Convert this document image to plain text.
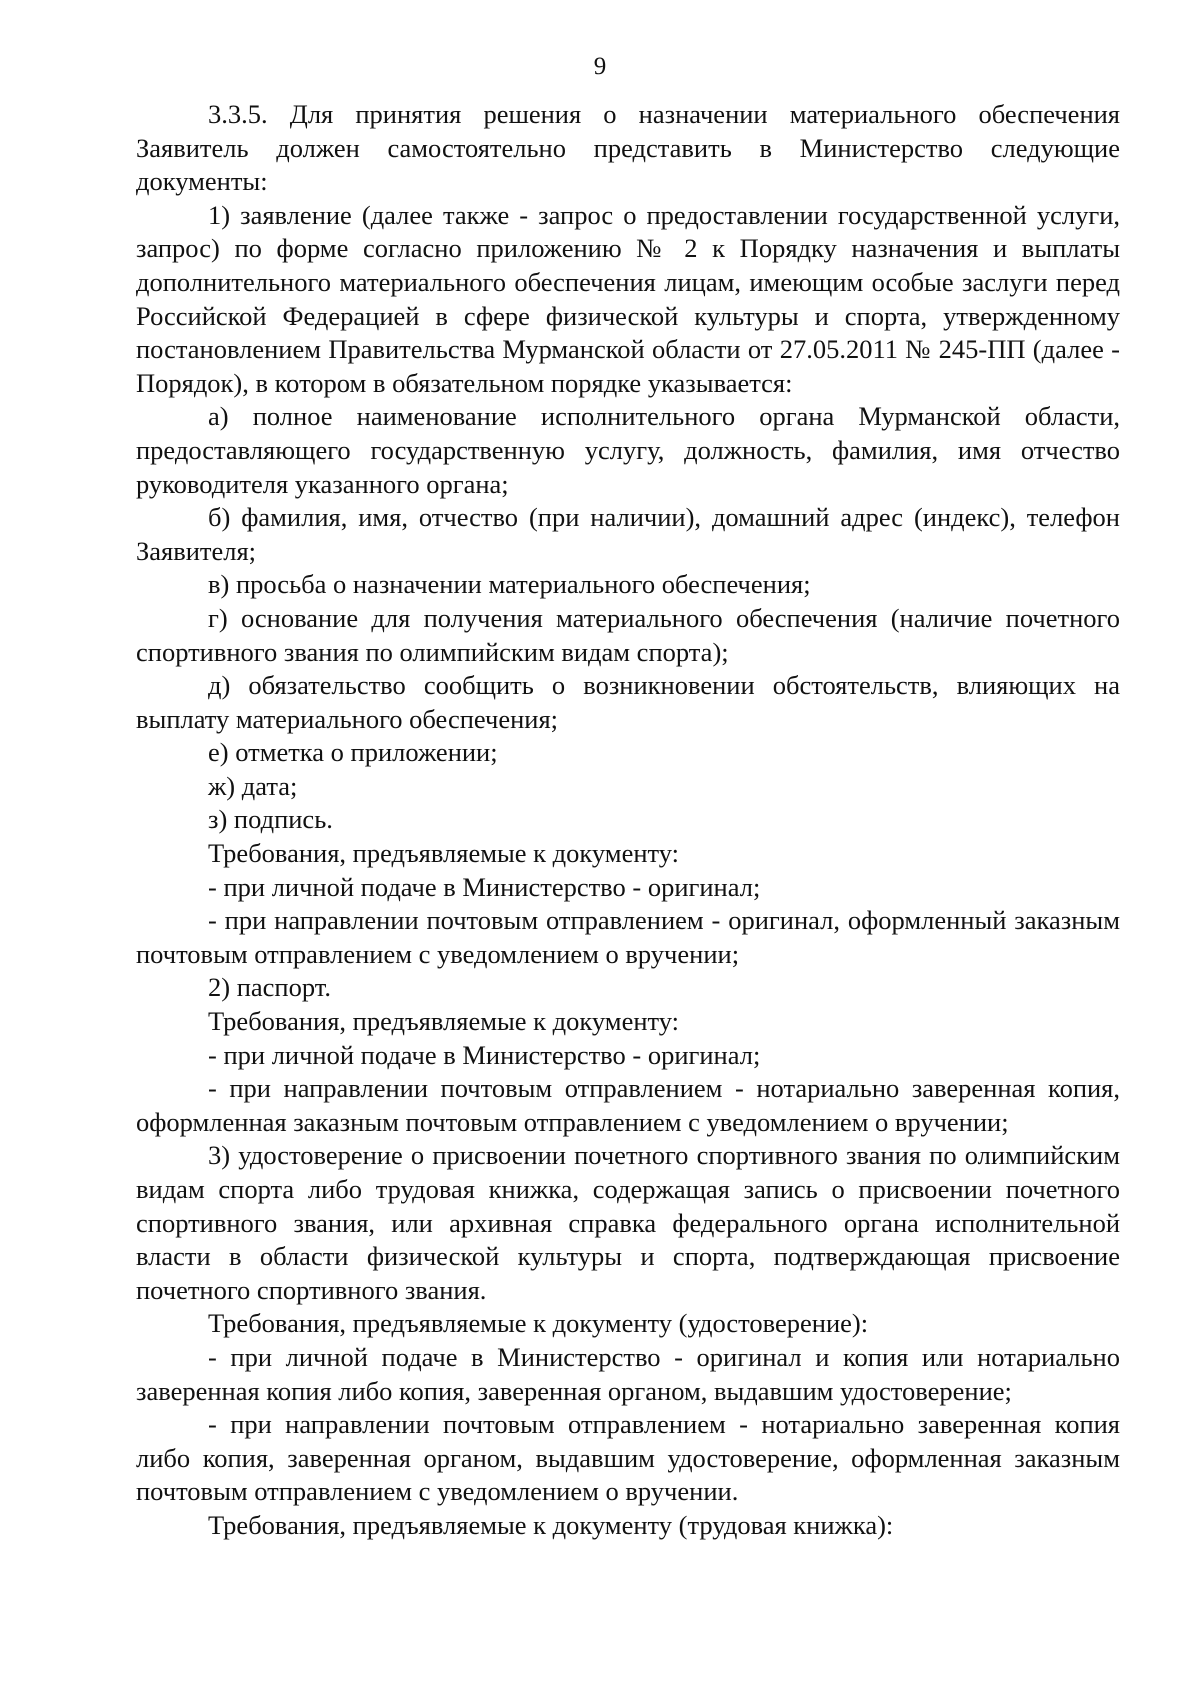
9

3.3.5. Для принятия решения о назначении материального обеспечения Заявитель должен самостоятельно представить в Министерство следующие документы:

1) заявление (далее также - запрос о предоставлении государственной услуги, запрос) по форме согласно приложению № 2 к Порядку назначения и выплаты дополнительного материального обеспечения лицам, имеющим особые заслуги перед Российской Федерацией в сфере физической культуры и спорта, утвержденному постановлением Правительства Мурманской области от 27.05.2011 № 245-ПП (далее - Порядок), в котором в обязательном порядке указывается:

а) полное наименование исполнительного органа Мурманской области, предоставляющего государственную услугу, должность, фамилия, имя отчество руководителя указанного органа;

б) фамилия, имя, отчество (при наличии), домашний адрес (индекс), телефон Заявителя;

в) просьба о назначении материального обеспечения;

г) основание для получения материального обеспечения (наличие почетного спортивного звания по олимпийским видам спорта);

д) обязательство сообщить о возникновении обстоятельств, влияющих на выплату материального обеспечения;

е) отметка о приложении;

ж) дата;

з) подпись.

Требования, предъявляемые к документу:

- при личной подаче в Министерство - оригинал;

- при направлении почтовым отправлением - оригинал, оформленный заказным почтовым отправлением с уведомлением о вручении;

2) паспорт.

Требования, предъявляемые к документу:

- при личной подаче в Министерство - оригинал;

- при направлении почтовым отправлением - нотариально заверенная копия, оформленная заказным почтовым отправлением с уведомлением о вручении;

3) удостоверение о присвоении почетного спортивного звания по олимпийским видам спорта либо трудовая книжка, содержащая запись о присвоении почетного спортивного звания, или архивная справка федерального органа исполнительной власти в области физической культуры и спорта, подтверждающая присвоение почетного спортивного звания.

Требования, предъявляемые к документу (удостоверение):

- при личной подаче в Министерство - оригинал и копия или нотариально заверенная копия либо копия, заверенная органом, выдавшим удостоверение;

- при направлении почтовым отправлением - нотариально заверенная копия либо копия, заверенная органом, выдавшим удостоверение, оформленная заказным почтовым отправлением с уведомлением о вручении.

Требования, предъявляемые к документу (трудовая книжка):
